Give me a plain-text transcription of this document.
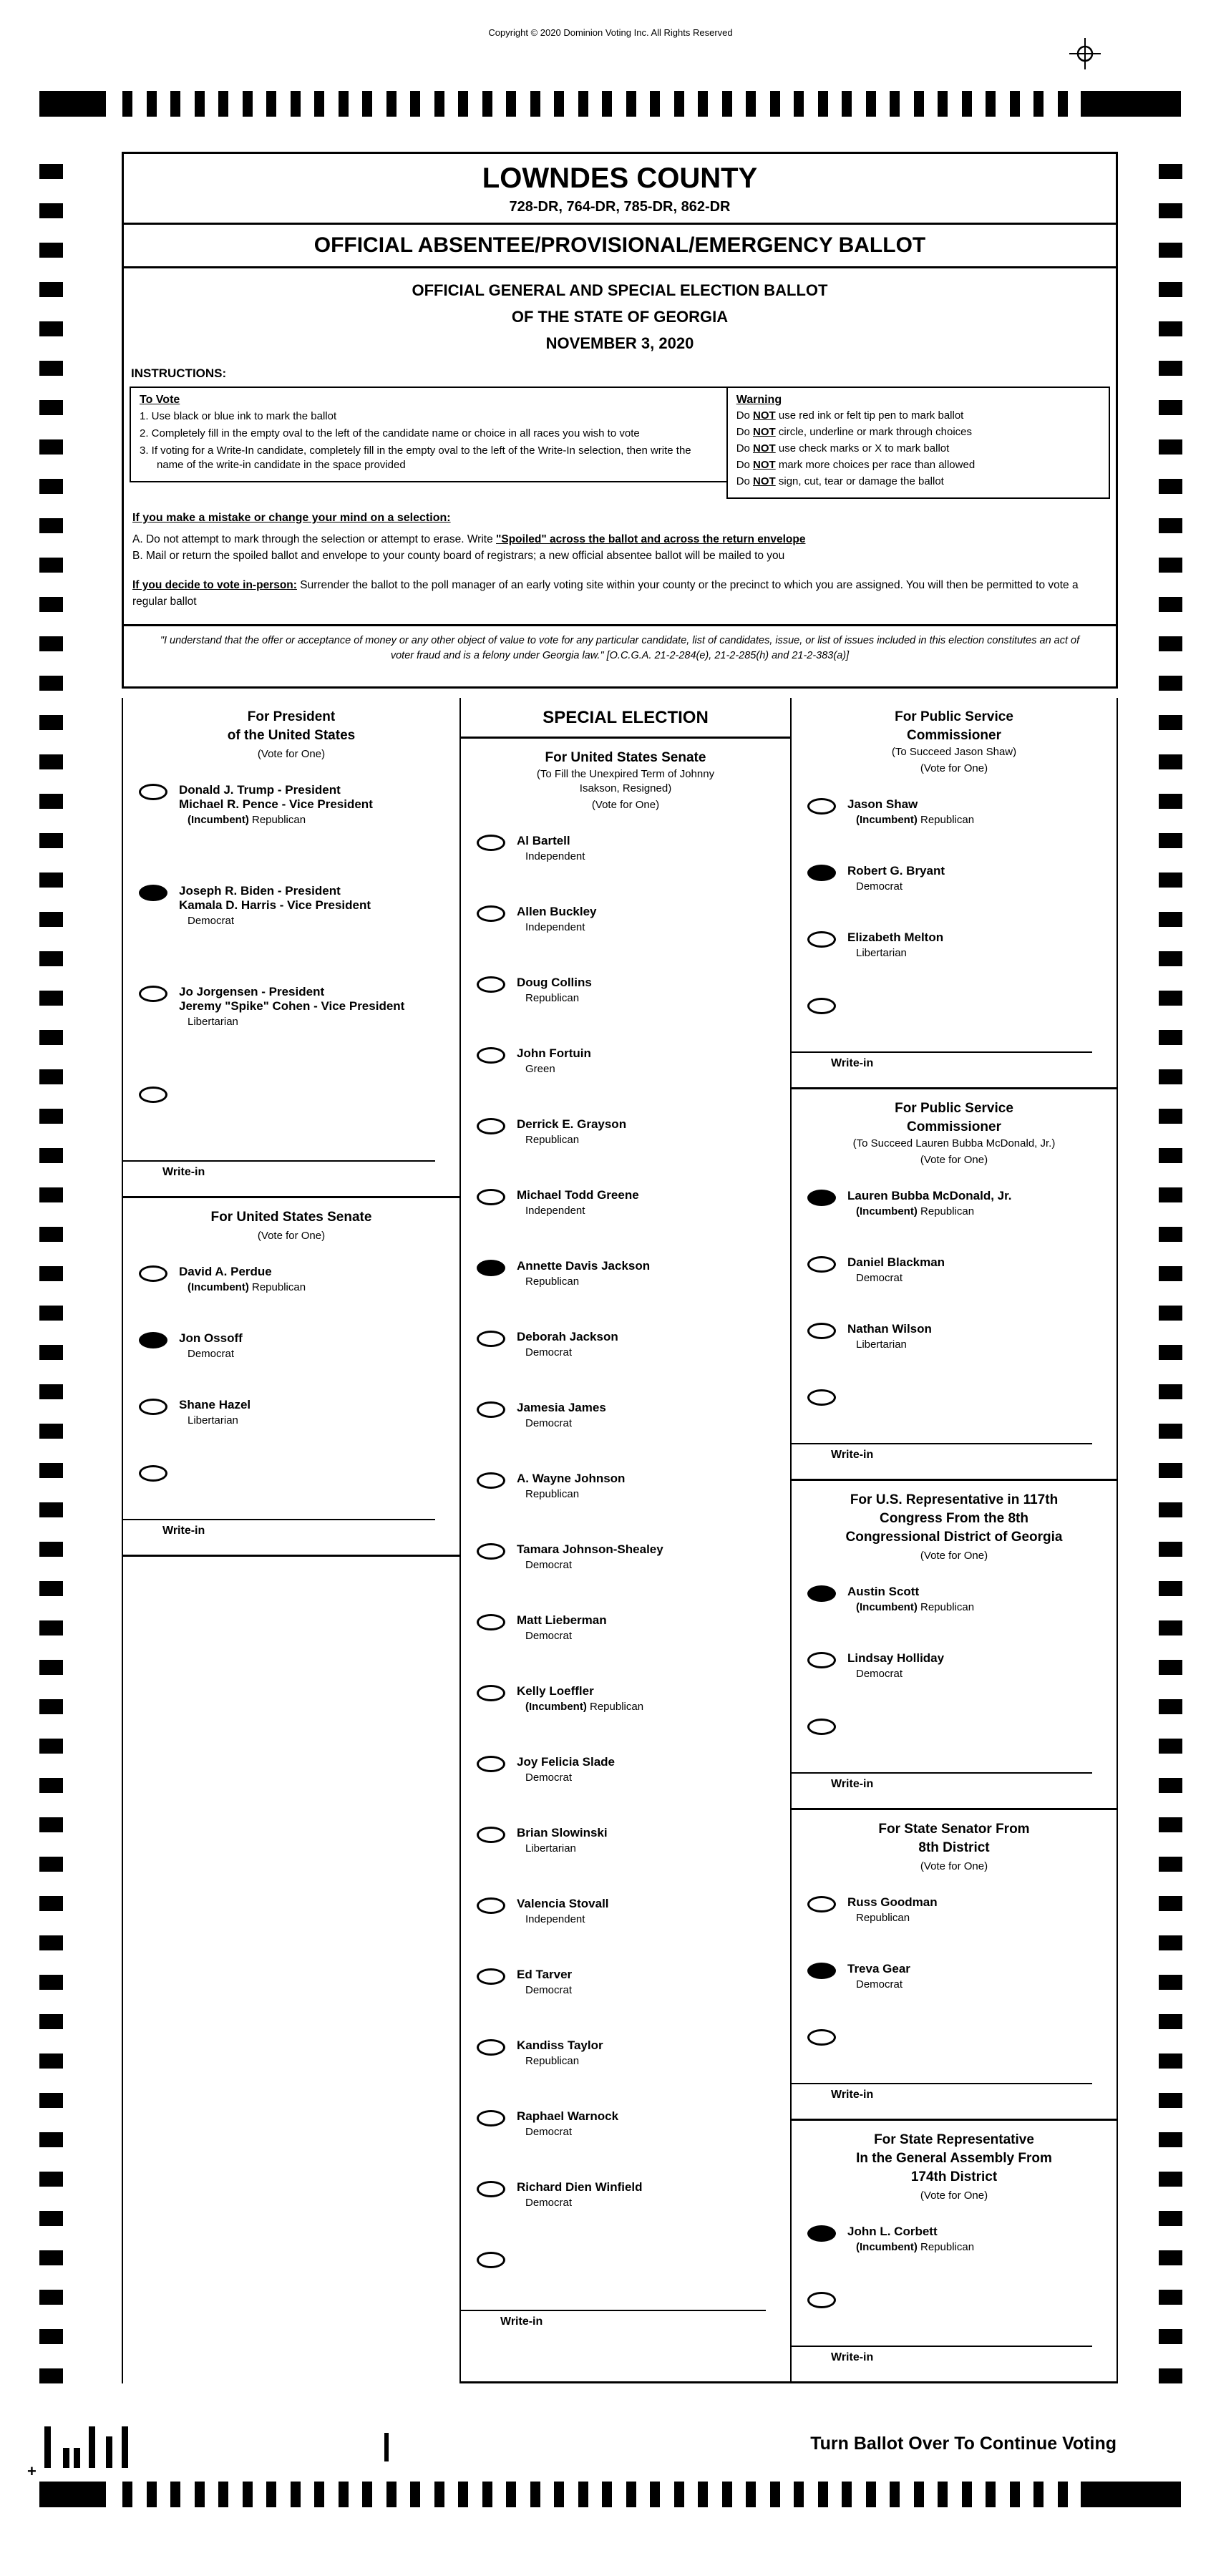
Copyright © 2020 Dominion Voting Inc. All Rights Reserved
LOWNDES COUNTY
728-DR, 764-DR, 785-DR, 862-DR
OFFICIAL ABSENTEE/PROVISIONAL/EMERGENCY BALLOT
OFFICIAL GENERAL AND SPECIAL ELECTION BALLOT
OF THE STATE OF GEORGIA
NOVEMBER 3, 2020
INSTRUCTIONS:
To Vote
1. Use black or blue ink to mark the ballot
2. Completely fill in the empty oval to the left of the candidate name or choice in all races you wish to vote
3. If voting for a Write-In candidate, completely fill in the empty oval to the left of the Write-In selection, then write the name of the write-in candidate in the space provided
Warning
Do NOT use red ink or felt tip pen to mark ballot
Do NOT circle, underline or mark through choices
Do NOT use check marks or X to mark ballot
Do NOT mark more choices per race than allowed
Do NOT sign, cut, tear or damage the ballot
If you make a mistake or change your mind on a selection:
A. Do not attempt to mark through the selection or attempt to erase. Write "Spoiled" across the ballot and across the return envelope
B. Mail or return the spoiled ballot and envelope to your county board of registrars; a new official absentee ballot will be mailed to you
If you decide to vote in-person: Surrender the ballot to the poll manager of an early voting site within your county or the precinct to which you are assigned. You will then be permitted to vote a regular ballot
"I understand that the offer or acceptance of money or any other object of value to vote for any particular candidate, list of candidates, issue, or list of issues included in this election constitutes an act of voter fraud and is a felony under Georgia law." [O.C.G.A. 21-2-284(e), 21-2-285(h) and 21-2-383(a)]
For President
of the United States
(Vote for One)
Donald J. Trump - President
Michael R. Pence - Vice President
(Incumbent) Republican
Joseph R. Biden - President
Kamala D. Harris - Vice President
Democrat
Jo Jorgensen - President
Jeremy "Spike" Cohen - Vice President
Libertarian
Write-in
For United States Senate
(Vote for One)
David A. Perdue
(Incumbent) Republican
Jon Ossoff
Democrat
Shane Hazel
Libertarian
Write-in
SPECIAL ELECTION
For United States Senate
(To Fill the Unexpired Term of Johnny
Isakson, Resigned)
(Vote for One)
Al Bartell
Independent
Allen Buckley
Independent
Doug Collins
Republican
John Fortuin
Green
Derrick E. Grayson
Republican
Michael Todd Greene
Independent
Annette Davis Jackson
Republican
Deborah Jackson
Democrat
Jamesia James
Democrat
A. Wayne Johnson
Republican
Tamara Johnson-Shealey
Democrat
Matt Lieberman
Democrat
Kelly Loeffler
(Incumbent) Republican
Joy Felicia Slade
Democrat
Brian Slowinski
Libertarian
Valencia Stovall
Independent
Ed Tarver
Democrat
Kandiss Taylor
Republican
Raphael Warnock
Democrat
Richard Dien Winfield
Democrat
Write-in
For Public Service
Commissioner
(To Succeed Jason Shaw)
(Vote for One)
Jason Shaw
(Incumbent) Republican
Robert G. Bryant
Democrat
Elizabeth Melton
Libertarian
Write-in
For Public Service
Commissioner
(To Succeed Lauren Bubba McDonald, Jr.)
(Vote for One)
Lauren Bubba McDonald, Jr.
(Incumbent) Republican
Daniel Blackman
Democrat
Nathan Wilson
Libertarian
Write-in
For U.S. Representative in 117th
Congress From the 8th
Congressional District of Georgia
(Vote for One)
Austin Scott
(Incumbent) Republican
Lindsay Holliday
Democrat
Write-in
For State Senator From
8th District
(Vote for One)
Russ Goodman
Republican
Treva Gear
Democrat
Write-in
For State Representative
In the General Assembly From
174th District
(Vote for One)
John L. Corbett
(Incumbent) Republican
Write-in
+
Turn Ballot Over To Continue Voting
